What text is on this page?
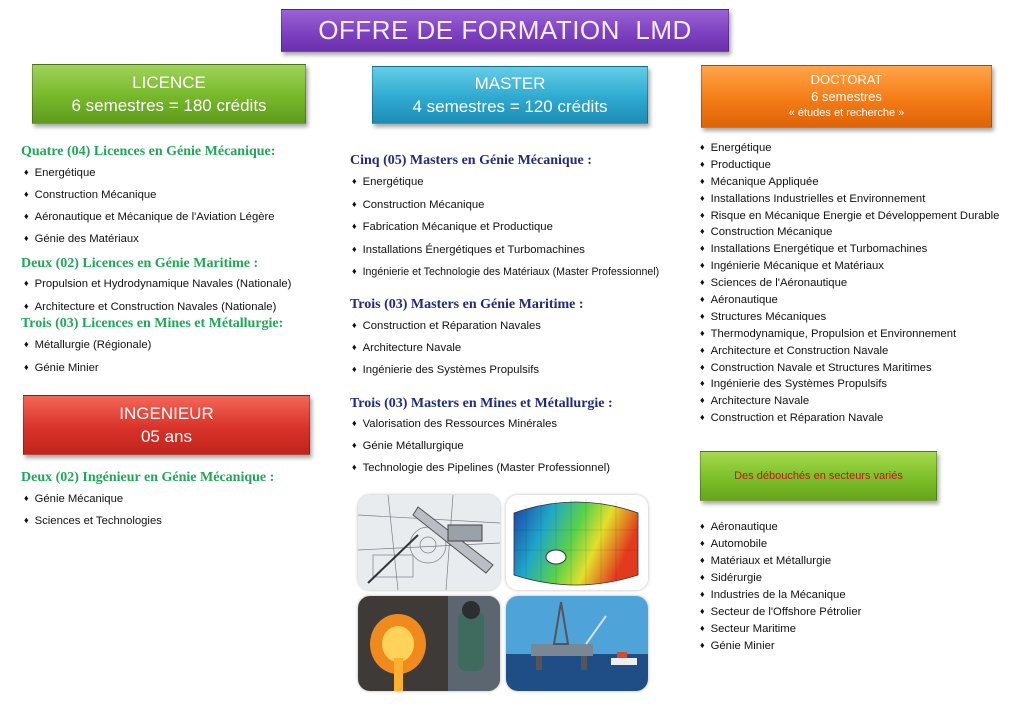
OFFRE DE FORMATION  LMD
LICENCE
6 semestres = 180 crédits
Quatre (04) Licences en Génie Mécanique:
♦ Energétique
♦ Construction Mécanique
♦ Aéronautique et Mécanique de l'Aviation Légère
♦ Génie des Matériaux
Deux (02) Licences en Génie Maritime :
♦ Propulsion et Hydrodynamique Navales (Nationale)
♦ Architecture et Construction Navales (Nationale)
Trois (03) Licences en Mines et Métallurgie:
♦ Métallurgie (Régionale)
♦ Génie Minier
INGENIEUR
05 ans
Deux (02) Ingénieur en Génie Mécanique :
♦ Génie Mécanique
♦ Sciences et Technologies
MASTER
4 semestres = 120 crédits
Cinq (05) Masters en Génie Mécanique :
♦ Energétique
♦ Construction Mécanique
♦ Fabrication Mécanique et Productique
♦ Installations Énergétiques et Turbomachines
♦ Ingénierie et Technologie des Matériaux (Master Professionnel)
Trois (03) Masters en Génie Maritime :
♦ Construction et Réparation Navales
♦ Architecture Navale
♦ Ingénierie des Systèmes Propulsifs
Trois (03) Masters en Mines et Métallurgie :
♦ Valorisation des Ressources Minérales
♦ Génie Métallurgique
♦ Technologie des Pipelines (Master Professionnel)
DOCTORAT
6 semestres
« études et recherche »
♦ Energétique
♦ Productique
♦ Mécanique Appliquée
♦ Installations Industrielles et Environnement
♦ Risque en Mécanique Energie et Développement Durable
♦ Construction Mécanique
♦ Installations Energétique et Turbomachines
♦ Ingénierie Mécanique et Matériaux
♦ Sciences de l'Aéronautique
♦ Aéronautique
♦ Structures Mécaniques
♦ Thermodynamique, Propulsion et Environnement
♦ Architecture et Construction Navale
♦ Construction Navale et Structures Maritimes
♦ Ingénierie des Systèmes Propulsifs
♦ Architecture Navale
♦ Construction et Réparation Navale
Des débouchés en secteurs variés
♦ Aéronautique
♦ Automobile
♦ Matériaux et Métallurgie
♦ Sidérurgie
♦ Industries de la Mécanique
♦ Secteur de l'Offshore Pétrolier
♦ Secteur Maritime
♦ Génie Minier
